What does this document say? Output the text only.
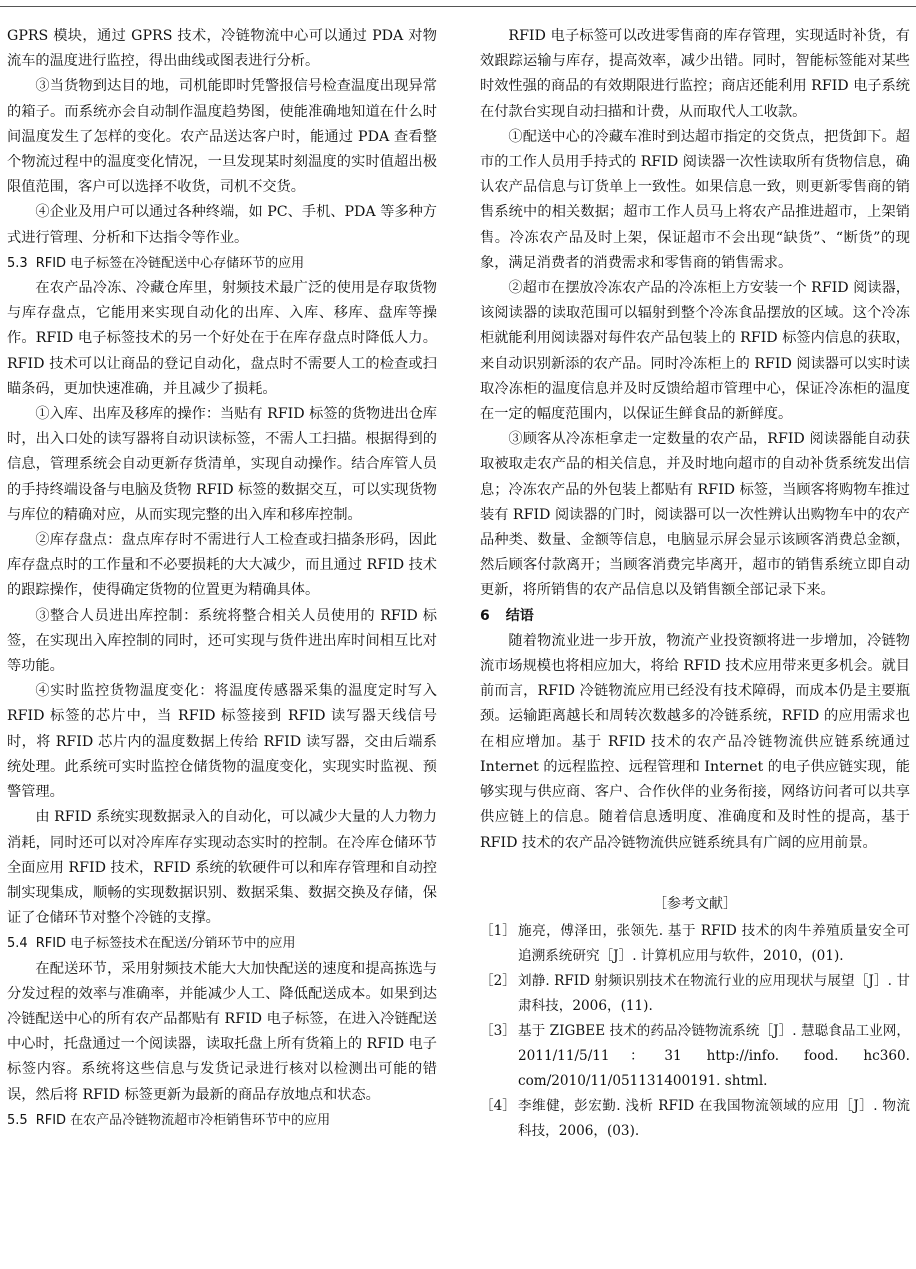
GPRS 模块，通过 GPRS 技术，冷链物流中心可以通过 PDA 对物流车的温度进行监控，得出曲线或图表进行分析。

③当货物到达目的地，司机能即时凭警报信号检查温度出现异常的箱子。而系统亦会自动制作温度趋势图，使能准确地知道在什么时间温度发生了怎样的变化。农产品送达客户时，能通过 PDA 查看整个物流过程中的温度变化情况，一旦发现某时刻温度的实时值超出极限值范围，客户可以选择不收货，司机不交货。

④企业及用户可以通过各种终端，如 PC、手机、PDA 等多种方式进行管理、分析和下达指令等作业。

5.3 RFID 电子标签在冷链配送中心存储环节的应用

在农产品冷冻、冷藏仓库里，射频技术最广泛的使用是存取货物与库存盘点，它能用来实现自动化的出库、入库、移库、盘库等操作。RFID 电子标签技术的另一个好处在于在库存盘点时降低人力。RFID 技术可以让商品的登记自动化，盘点时不需要人工的检查或扫瞄条码，更加快速准确，并且减少了损耗。

①入库、出库及移库的操作：当贴有 RFID 标签的货物进出仓库时，出入口处的读写器将自动识读标签，不需人工扫描。根据得到的信息，管理系统会自动更新存货清单，实现自动操作。结合库管人员的手持终端设备与电脑及货物 RFID 标签的数据交互，可以实现货物与库位的精确对应，从而实现完整的出入库和移库控制。

②库存盘点：盘点库存时不需进行人工检查或扫描条形码，因此库存盘点时的工作量和不必要损耗的大大减少，而且通过 RFID 技术的跟踪操作，使得确定货物的位置更为精确具体。

③整合人员进出库控制：系统将整合相关人员使用的 RFID 标签，在实现出入库控制的同时，还可实现与货件进出库时间相互比对等功能。

④实时监控货物温度变化：将温度传感器采集的温度定时写入 RFID 标签的芯片中，当 RFID 标签接到 RFID 读写器天线信号时，将 RFID 芯片内的温度数据上传给 RFID 读写器，交由后端系统处理。此系统可实时监控仓储货物的温度变化，实现实时监视、预警管理。

由 RFID 系统实现数据录入的自动化，可以减少大量的人力物力消耗，同时还可以对冷库库存实现动态实时的控制。在冷库仓储环节全面应用 RFID 技术，RFID 系统的软硬件可以和库存管理和自动控制实现集成，顺畅的实现数据识别、数据采集、数据交换及存储，保证了仓储环节对整个冷链的支撑。

5.4 RFID 电子标签技术在配送/分销环节中的应用

在配送环节，采用射频技术能大大加快配送的速度和提高拣选与分发过程的效率与准确率，并能减少人工、降低配送成本。如果到达冷链配送中心的所有农产品都贴有 RFID 电子标签，在进入冷链配送中心时，托盘通过一个阅读器，读取托盘上所有货箱上的 RFID 电子标签内容。系统将这些信息与发货记录进行核对以检测出可能的错误，然后将 RFID 标签更新为最新的商品存放地点和状态。

5.5 RFID 在农产品冷链物流超市冷柜销售环节中的应用

RFID 电子标签可以改进零售商的库存管理，实现适时补货，有效跟踪运输与库存，提高效率，减少出错。同时，智能标签能对某些时效性强的商品的有效期限进行监控；商店还能利用 RFID 电子系统在付款台实现自动扫描和计费，从而取代人工收款。

①配送中心的冷藏车准时到达超市指定的交货点，把货卸下。超市的工作人员用手持式的 RFID 阅读器一次性读取所有货物信息，确认农产品信息与订货单上一致性。如果信息一致，则更新零售商的销售系统中的相关数据；超市工作人员马上将农产品推进超市，上架销售。冷冻农产品及时上架，保证超市不会出现“缺货”、“断货”的现象，满足消费者的消费需求和零售商的销售需求。

②超市在摆放冷冻农产品的冷冻柜上方安装一个 RFID 阅读器，该阅读器的读取范围可以辐射到整个冷冻食品摆放的区域。这个冷冻柜就能利用阅读器对每件农产品包装上的 RFID 标签内信息的获取，来自动识别新添的农产品。同时冷冻柜上的 RFID 阅读器可以实时读取冷冻柜的温度信息并及时反馈给超市管理中心，保证冷冻柜的温度在一定的幅度范围内，以保证生鲜食品的新鲜度。

③顾客从冷冻柜拿走一定数量的农产品，RFID 阅读器能自动获取被取走农产品的相关信息，并及时地向超市的自动补货系统发出信息；冷冻农产品的外包装上都贴有 RFID 标签，当顾客将购物车推过装有 RFID 阅读器的门时，阅读器可以一次性辨认出购物车中的农产品种类、数量、金额等信息，电脑显示屏会显示该顾客消费总金额，然后顾客付款离开；当顾客消费完毕离开，超市的销售系统立即自动更新，将所销售的农产品信息以及销售额全部记录下来。

6 结语

随着物流业进一步开放，物流产业投资额将进一步增加，冷链物流市场规模也将相应加大，将给 RFID 技术应用带来更多机会。就目前而言，RFID 冷链物流应用已经没有技术障碍，而成本仍是主要瓶颈。运输距离越长和周转次数越多的冷链系统，RFID 的应用需求也在相应增加。基于 RFID 技术的农产品冷链物流供应链系统通过 Internet 的远程监控、远程管理和 Internet 的电子供应链实现，能够实现与供应商、客户、合作伙伴的业务衔接，网络访问者可以共享供应链上的信息。随着信息透明度、准确度和及时性的提高，基于 RFID 技术的农产品冷链物流供应链系统具有广阔的应用前景。

［参考文献］
［1］ 施亮，傅泽田，张领先. 基于 RFID 技术的肉牛养殖质量安全可追溯系统研究［J］. 计算机应用与软件，2010，(01).
［2］ 刘静. RFID 射频识别技术在物流行业的应用现状与展望［J］. 甘肃科技，2006，(11).
［3］ 基于 ZIGBEE 技术的药品冷链物流系统［J］. 慧聪食品工业网，2011/11/5/11：31 http://info. food. hc360. com/2010/11/051131400191. shtml.
［4］ 李维健，彭宏勤. 浅析 RFID 在我国物流领域的应用［J］. 物流科技，2006，(03).
